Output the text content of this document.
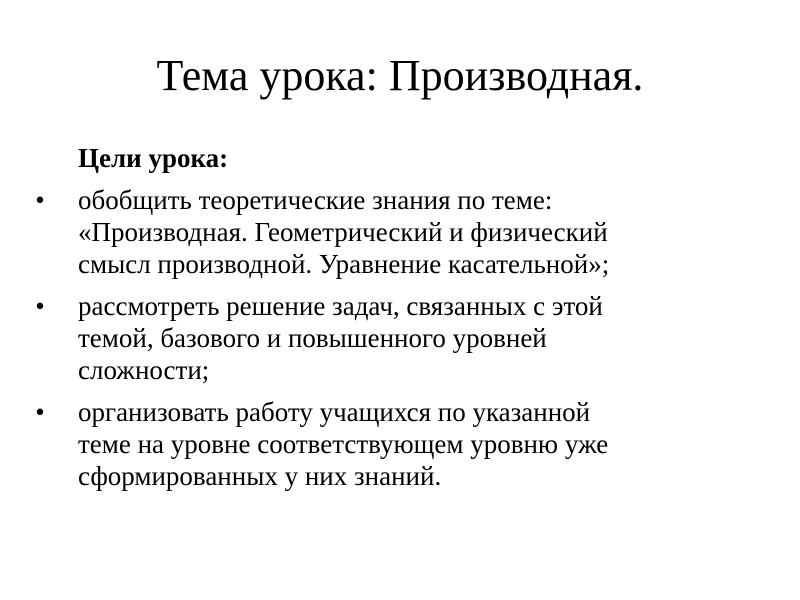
Тема урока: Производная.
Цели урока:
• обобщить теоретические знания по теме:
«Производная. Геометрический и физический
смысл производной. Уравнение касательной»;
• рассмотреть решение задач, связанных с этой
темой, базового и повышенного уровней
сложности;
• организовать работу учащихся по указанной
теме на уровне соответствующем уровню уже
сформированных у них знаний.
